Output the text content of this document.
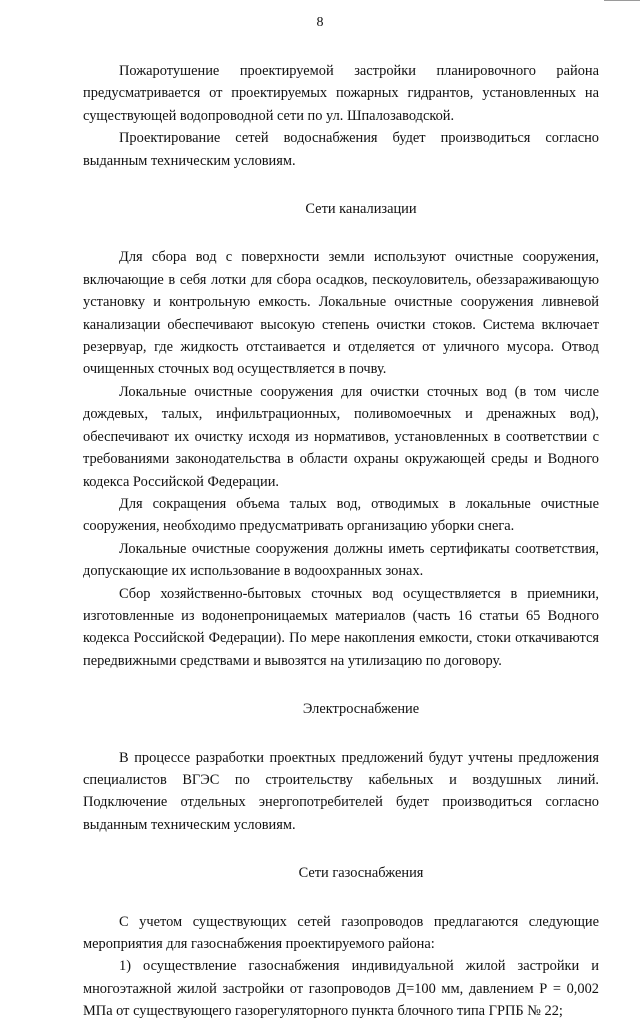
8

Пожаротушение проектируемой застройки планировочного района предусматривается от проектируемых пожарных гидрантов, установленных на существующей водопроводной сети по ул. Шпалозаводской.

Проектирование сетей водоснабжения будет производиться согласно выданным техническим условиям.

Сети канализации

Для сбора вод с поверхности земли используют очистные сооружения, включающие в себя лотки для сбора осадков, пескоуловитель, обеззараживающую установку и контрольную емкость. Локальные очистные сооружения ливневой канализации обеспечивают высокую степень очистки стоков. Система включает резервуар, где жидкость отстаивается и отделяется от уличного мусора. Отвод очищенных сточных вод осуществляется в почву.

Локальные очистные сооружения для очистки сточных вод (в том числе дождевых, талых, инфильтрационных, поливомоечных и дренажных вод), обеспечивают их очистку исходя из нормативов, установленных в соответствии с требованиями законодательства в области охраны окружающей среды и Водного кодекса Российской Федерации.

Для сокращения объема талых вод, отводимых в локальные очистные сооружения, необходимо предусматривать организацию уборки снега.

Локальные очистные сооружения должны иметь сертификаты соответствия, допускающие их использование в водоохранных зонах.

Сбор хозяйственно-бытовых сточных вод осуществляется в приемники, изготовленные из водонепроницаемых материалов (часть 16 статьи 65 Водного кодекса Российской Федерации). По мере накопления емкости, стоки откачиваются передвижными средствами и вывозятся на утилизацию по договору.

Электроснабжение

В процессе разработки проектных предложений будут учтены предложения специалистов ВГЭС по строительству кабельных и воздушных линий. Подключение отдельных энергопотребителей будет производиться согласно выданным техническим условиям.

Сети газоснабжения

С учетом существующих сетей газопроводов предлагаются следующие мероприятия для газоснабжения проектируемого района:

1) осуществление газоснабжения индивидуальной жилой застройки и многоэтажной жилой застройки от газопроводов Д=100 мм, давлением Р = 0,002 МПа от существующего газорегуляторного пункта блочного типа ГРПБ № 22;
